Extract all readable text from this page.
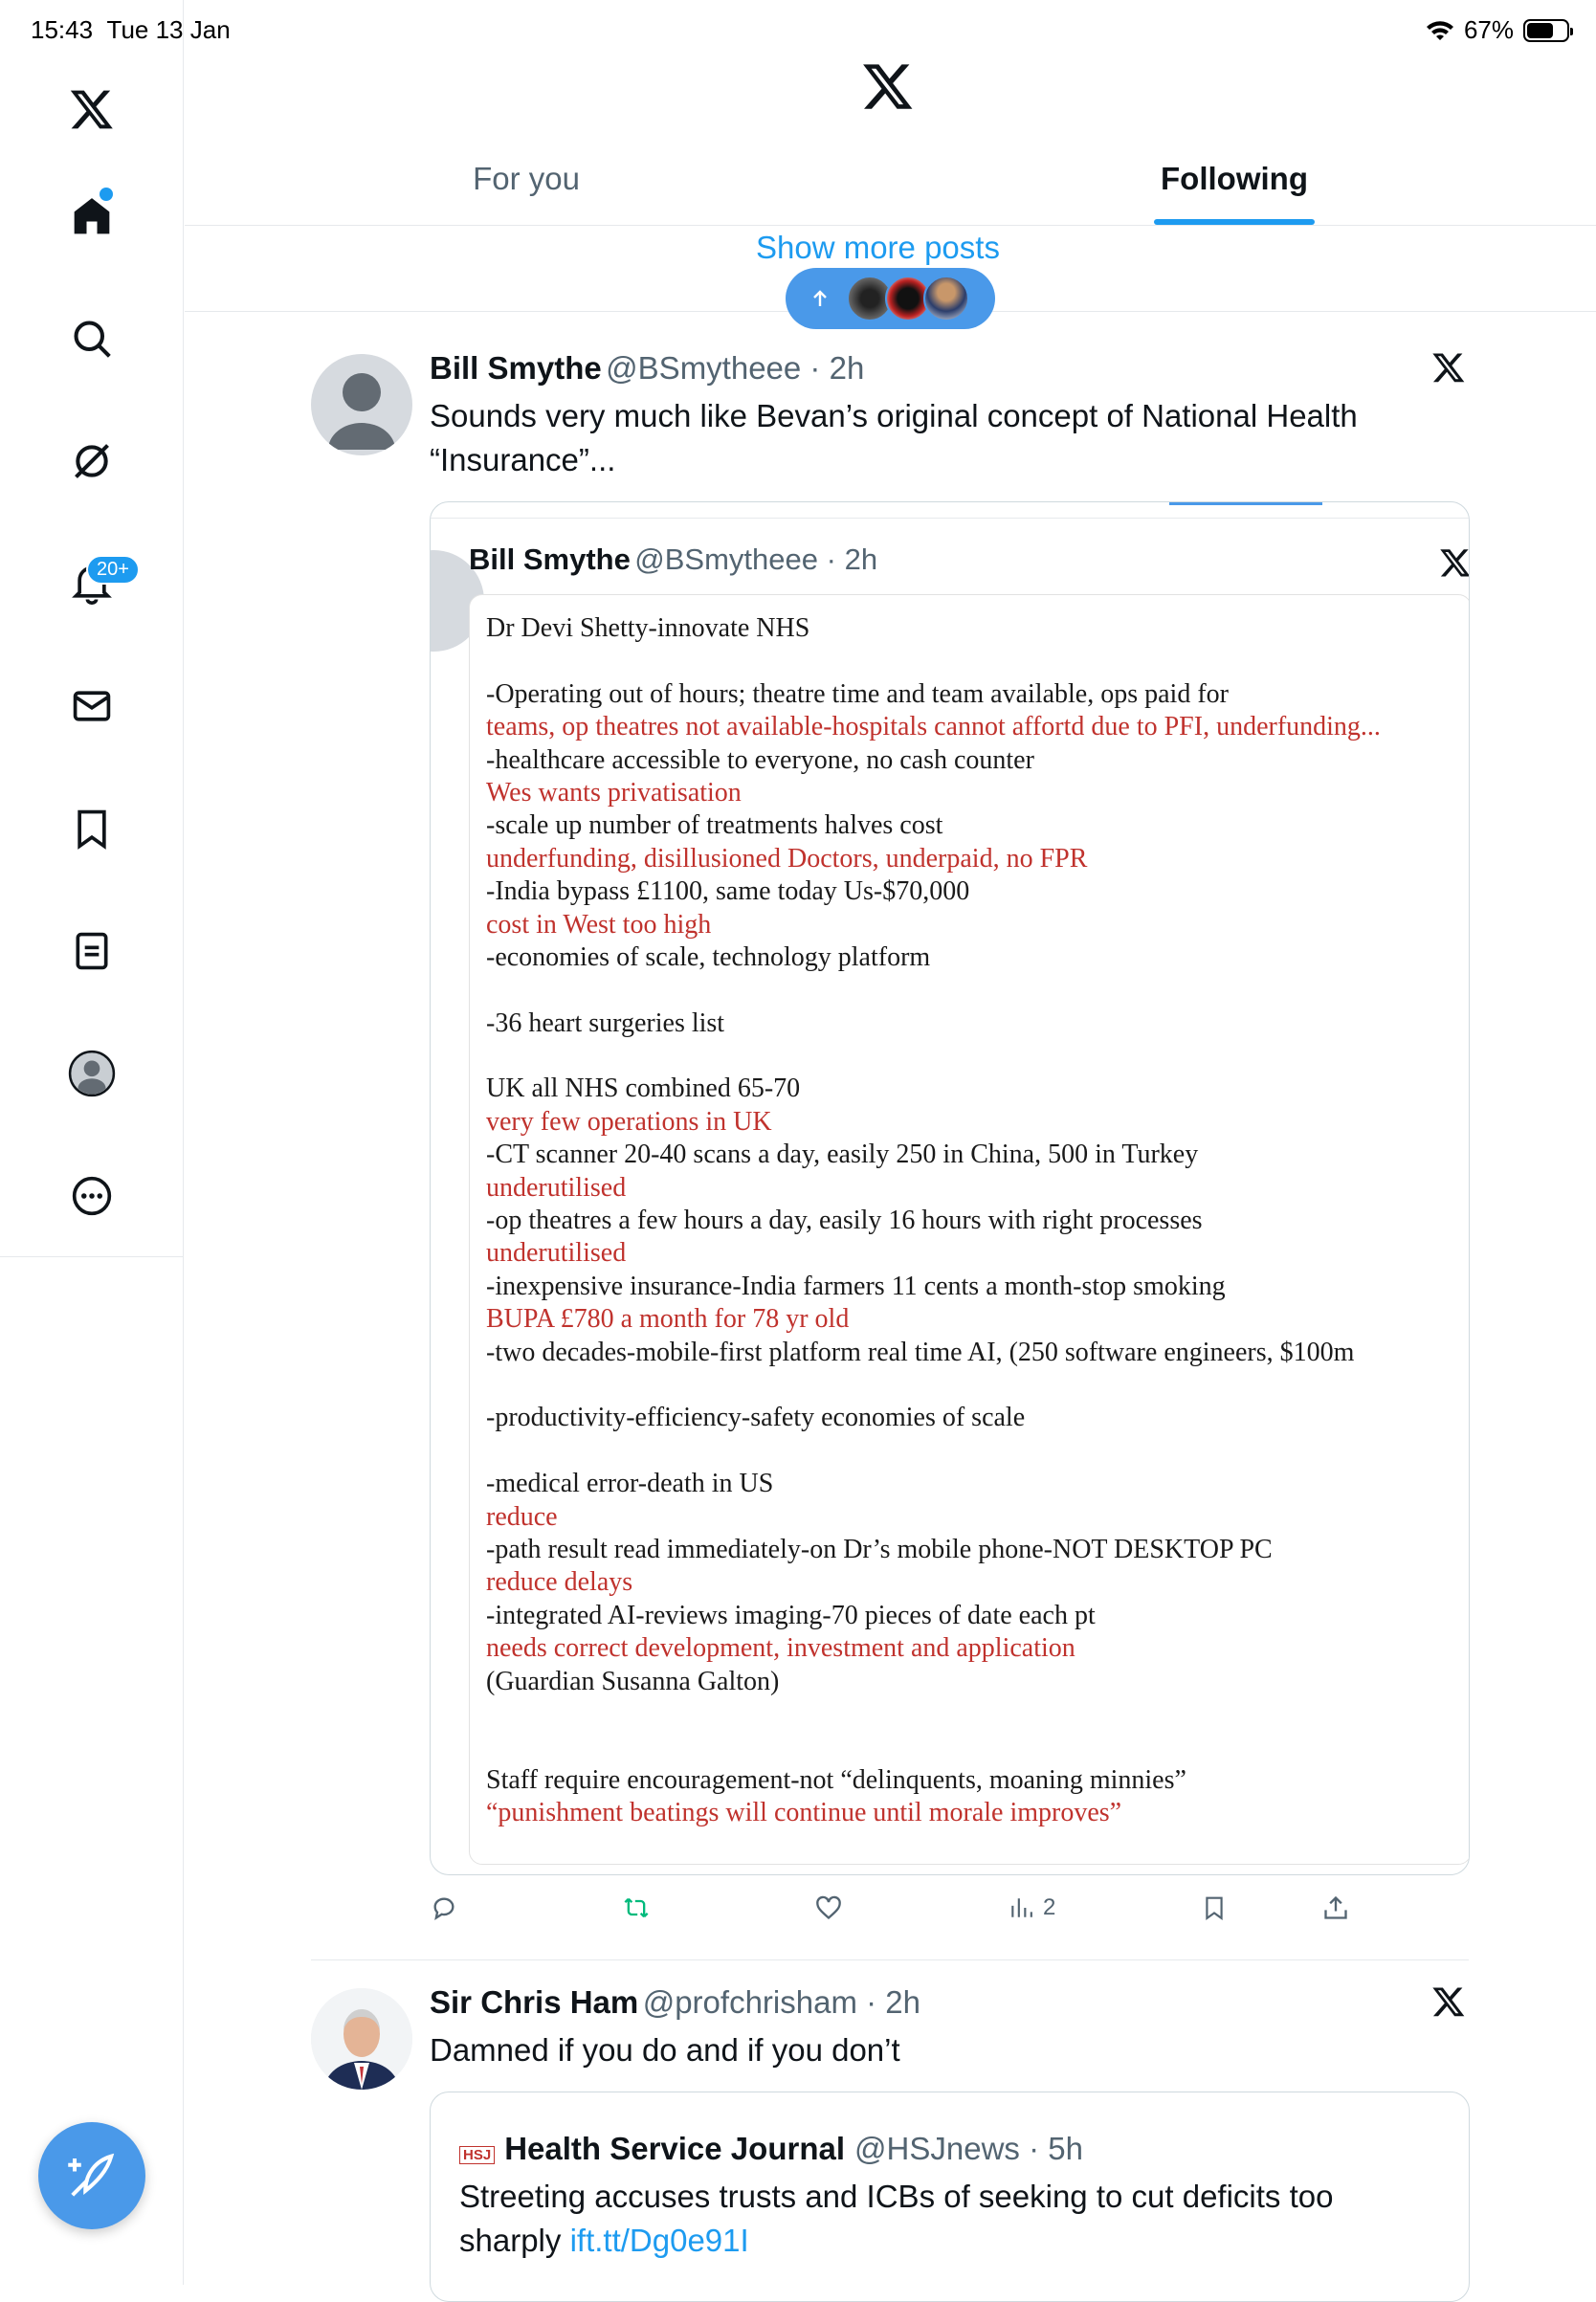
15:43 Tue 13 Jan	67%
20+
For you	Following
Show more posts
Bill Smythe @BSmytheee · 2h
Sounds very much like Bevan’s original concept of National Health
“Insurance”...
Bill Smythe @BSmytheee · 2h
Dr Devi Shetty-innovate NHS
-Operating out of hours; theatre time and team available, ops paid for
teams, op theatres not available-hospitals cannot affortd due to PFI, underfunding...
-healthcare accessible to everyone, no cash counter
Wes wants privatisation
-scale up number of treatments halves cost
underfunding, disillusioned Doctors, underpaid, no FPR
-India bypass £1100, same today Us-$70,000
cost in West too high
-economies of scale, technology platform
-36 heart surgeries list
UK all NHS combined 65-70
very few operations in UK
-CT scanner 20-40 scans a day, easily 250 in China, 500 in Turkey
underutilised
-op theatres a few hours a day, easily 16 hours with right processes
underutilised
-inexpensive insurance-India farmers 11 cents a month-stop smoking
BUPA £780 a month for 78 yr old
-two decades-mobile-first platform real time AI, (250 software engineers, $100m
-productivity-efficiency-safety economies of scale
-medical error-death in US
reduce
-path result read immediately-on Dr’s mobile phone-NOT DESKTOP PC
reduce delays
-integrated AI-reviews imaging-70 pieces of date each pt
needs correct development, investment and application
(Guardian Susanna Galton)
Staff require encouragement-not “delinquents, moaning minnies”
“punishment beatings will continue until morale improves”
2
Sir Chris Ham @profchrisham · 2h
Damned if you do and if you don’t
HSJ Health Service Journal @HSJnews · 5h
Streeting accuses trusts and ICBs of seeking to cut deficits too
sharply ift.tt/Dg0e91I
